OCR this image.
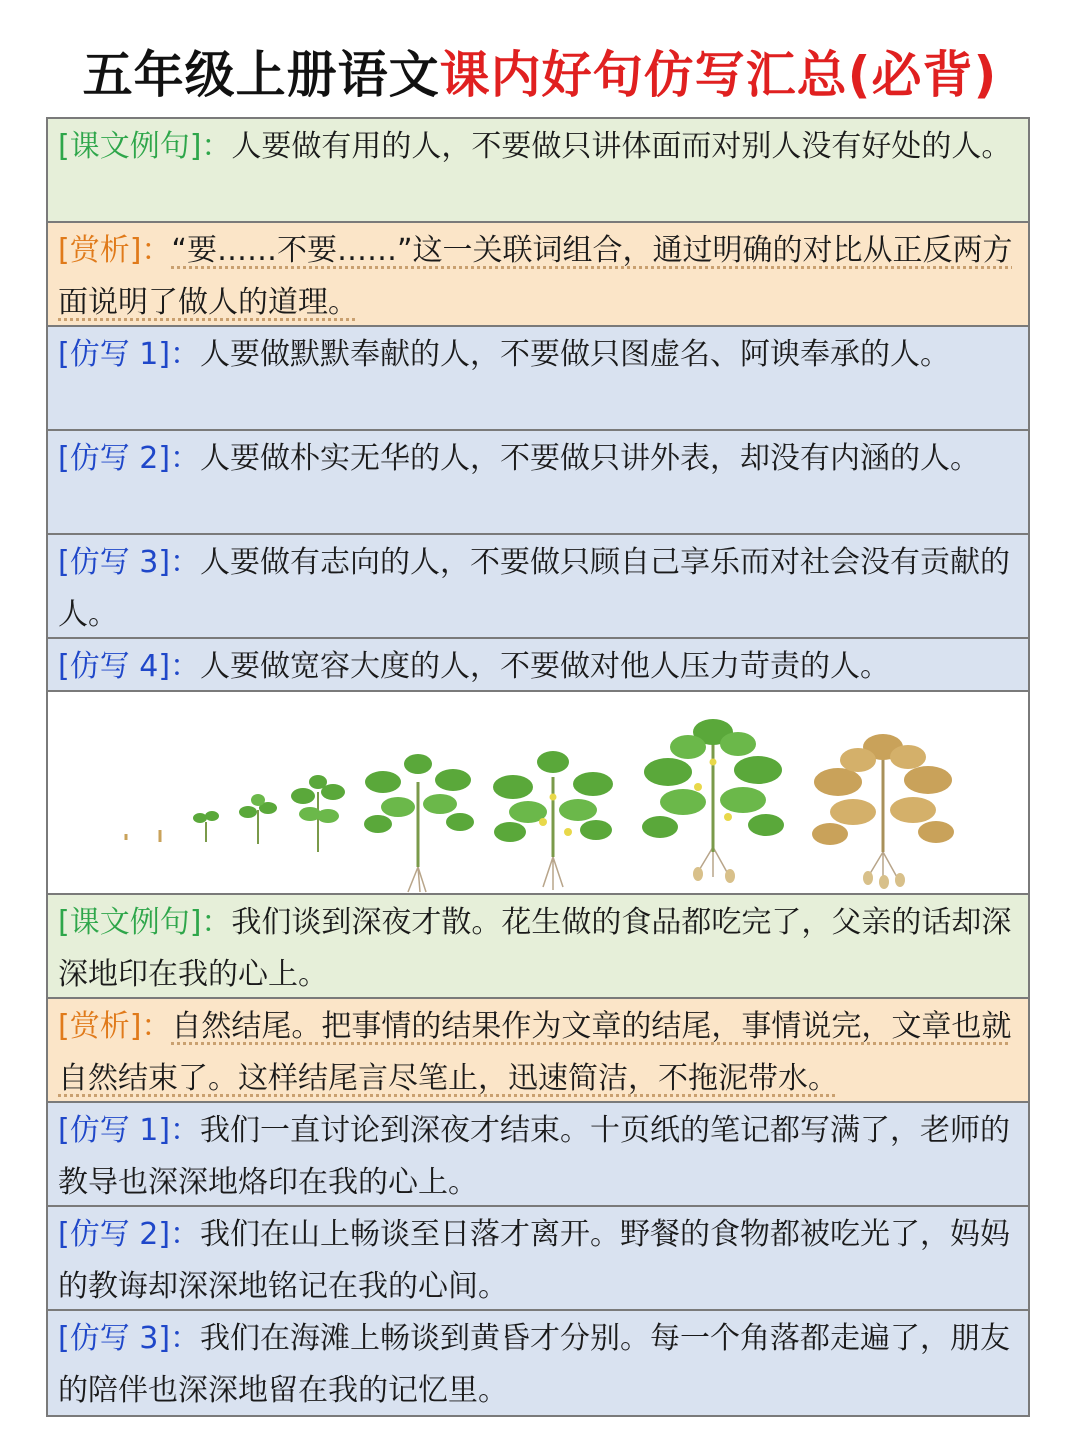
五年级上册语文课内好句仿写汇总(必背)
[课文例句]：人要做有用的人，不要做只讲体面而对别人没有好处的人。
[赏析]：“要……不要……”这一关联词组合，通过明确的对比从正反两方面说明了做人的道理。
[仿写 1]：人要做默默奉献的人，不要做只图虚名、阿谀奉承的人。
[仿写 2]：人要做朴实无华的人，不要做只讲外表，却没有内涵的人。
[仿写 3]：人要做有志向的人，不要做只顾自己享乐而对社会没有贡献的人。
[仿写 4]：人要做宽容大度的人，不要做对他人压力苛责的人。
[课文例句]：我们谈到深夜才散。花生做的食品都吃完了，父亲的话却深深地印在我的心上。
[赏析]：自然结尾。把事情的结果作为文章的结尾，事情说完，文章也就自然结束了。这样结尾言尽笔止，迅速简洁，不拖泥带水。
[仿写 1]：我们一直讨论到深夜才结束。十页纸的笔记都写满了，老师的教导也深深地烙印在我的心上。
[仿写 2]：我们在山上畅谈至日落才离开。野餐的食物都被吃光了，妈妈的教诲却深深地铭记在我的心间。
[仿写 3]：我们在海滩上畅谈到黄昏才分别。每一个角落都走遍了，朋友的陪伴也深深地留在我的记忆里。
